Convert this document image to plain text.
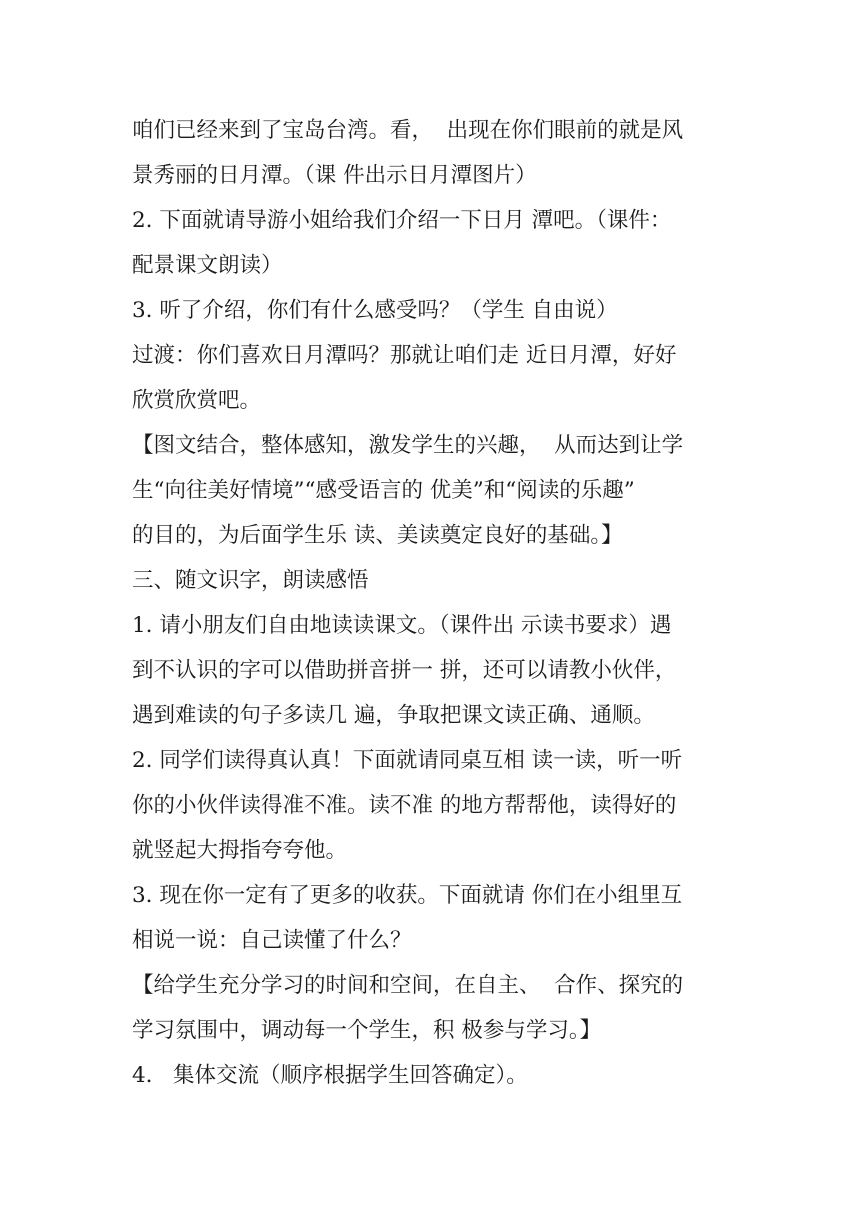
咱们已经来到了宝岛台湾。看，  出现在你们眼前的就是风
景秀丽的日月潭。（课 件出示日月潭图片）
2. 下面就请导游小姐给我们介绍一下日月 潭吧。（课件：
配景课文朗读）
3. 听了介绍，你们有什么感受吗？（学生 自由说）
过渡：你们喜欢日月潭吗？那就让咱们走 近日月潭，好好
欣赏欣赏吧。
【图文结合，整体感知，激发学生的兴趣，  从而达到让学
生“向往美好情境”“感受语言的 优美”和“阅读的乐趣”
的目的，为后面学生乐 读、美读奠定良好的基础。】
三、随文识字，朗读感悟
1. 请小朋友们自由地读读课文。（课件出 示读书要求）遇
到不认识的字可以借助拼音拼一 拼，还可以请教小伙伴，
遇到难读的句子多读几 遍，争取把课文读正确、通顺。
2. 同学们读得真认真！下面就请同桌互相 读一读，听一听
你的小伙伴读得准不准。读不准 的地方帮帮他，读得好的
就竖起大拇指夸夸他。
3. 现在你一定有了更多的收获。下面就请 你们在小组里互
相说一说：自己读懂了什么？
【给学生充分学习的时间和空间，在自主、  合作、探究的
学习氛围中，调动每一个学生，积 极参与学习。】
4.   集体交流（顺序根据学生回答确定）。
